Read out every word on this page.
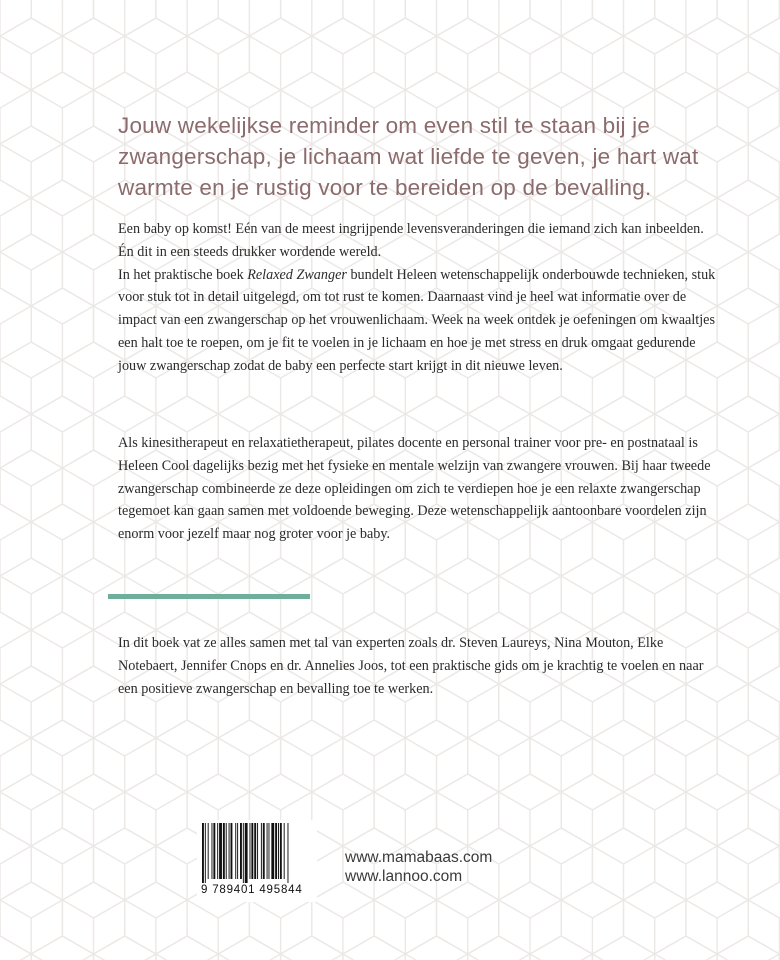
Jouw wekelijkse reminder om even stil te staan bij je zwangerschap, je lichaam wat liefde te geven, je hart wat warmte en je rustig voor te bereiden op de bevalling.

Een baby op komst! Eén van de meest ingrijpende levensveranderingen die iemand zich kan inbeelden. Én dit in een steeds drukker wordende wereld.

In het praktische boek Relaxed Zwanger bundelt Heleen wetenschappelijk onderbouwde technieken, stuk voor stuk tot in detail uitgelegd, om tot rust te komen. Daarnaast vind je heel wat informatie over de impact van een zwangerschap op het vrouwenlichaam. Week na week ontdek je oefeningen om kwaaltjes een halt toe te roepen, om je fit te voelen in je lichaam en hoe je met stress en druk omgaat gedurende jouw zwangerschap zodat de baby een perfecte start krijgt in dit nieuwe leven.

Als kinesitherapeut en relaxatietherapeut, pilates docente en personal trainer voor pre- en postnataal is Heleen Cool dagelijks bezig met het fysieke en mentale welzijn van zwangere vrouwen. Bij haar tweede zwangerschap combineerde ze deze opleidingen om zich te verdiepen hoe je een relaxte zwangerschap tegemoet kan gaan samen met voldoende beweging. Deze wetenschappelijk aantoonbare voordelen zijn enorm voor jezelf maar nog groter voor je baby.

In dit boek vat ze alles samen met tal van experten zoals dr. Steven Laureys, Nina Mouton, Elke Notebaert, Jennifer Cnops en dr. Annelies Joos, tot een praktische gids om je krachtig te voelen en naar een positieve zwangerschap en bevalling toe te werken.

9 789401 495844
www.mamabaas.com
www.lannoo.com
